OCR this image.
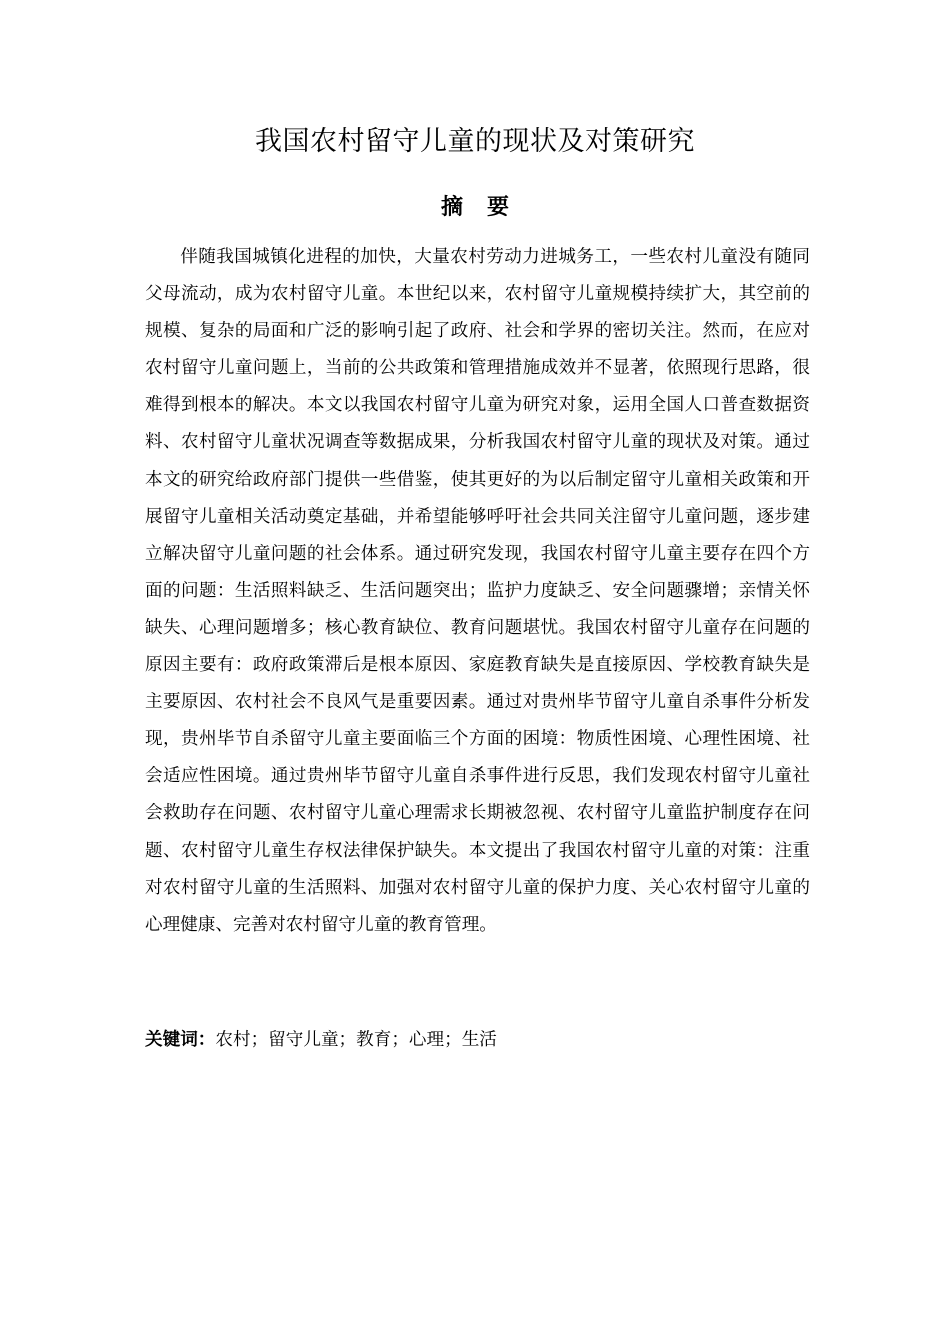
我国农村留守儿童的现状及对策研究
摘要

伴随我国城镇化进程的加快，大量农村劳动力进城务工，一些农村儿童没有随同父母流动，成为农村留守儿童。本世纪以来，农村留守儿童规模持续扩大，其空前的规模、复杂的局面和广泛的影响引起了政府、社会和学界的密切关注。然而，在应对农村留守儿童问题上，当前的公共政策和管理措施成效并不显著，依照现行思路，很难得到根本的解决。本文以我国农村留守儿童为研究对象，运用全国人口普查数据资料、农村留守儿童状况调查等数据成果，分析我国农村留守儿童的现状及对策。通过本文的研究给政府部门提供一些借鉴，使其更好的为以后制定留守儿童相关政策和开展留守儿童相关活动奠定基础，并希望能够呼吁社会共同关注留守儿童问题，逐步建立解决留守儿童问题的社会体系。通过研究发现，我国农村留守儿童主要存在四个方面的问题：生活照料缺乏、生活问题突出；监护力度缺乏、安全问题骤增；亲情关怀缺失、心理问题增多；核心教育缺位、教育问题堪忧。我国农村留守儿童存在问题的原因主要有：政府政策滞后是根本原因、家庭教育缺失是直接原因、学校教育缺失是主要原因、农村社会不良风气是重要因素。通过对贵州毕节留守儿童自杀事件分析发现，贵州毕节自杀留守儿童主要面临三个方面的困境：物质性困境、心理性困境、社会适应性困境。通过贵州毕节留守儿童自杀事件进行反思，我们发现农村留守儿童社会救助存在问题、农村留守儿童心理需求长期被忽视、农村留守儿童监护制度存在问题、农村留守儿童生存权法律保护缺失。本文提出了我国农村留守儿童的对策：注重对农村留守儿童的生活照料、加强对农村留守儿童的保护力度、关心农村留守儿童的心理健康、完善对农村留守儿童的教育管理。

关键词：农村；留守儿童；教育；心理；生活
